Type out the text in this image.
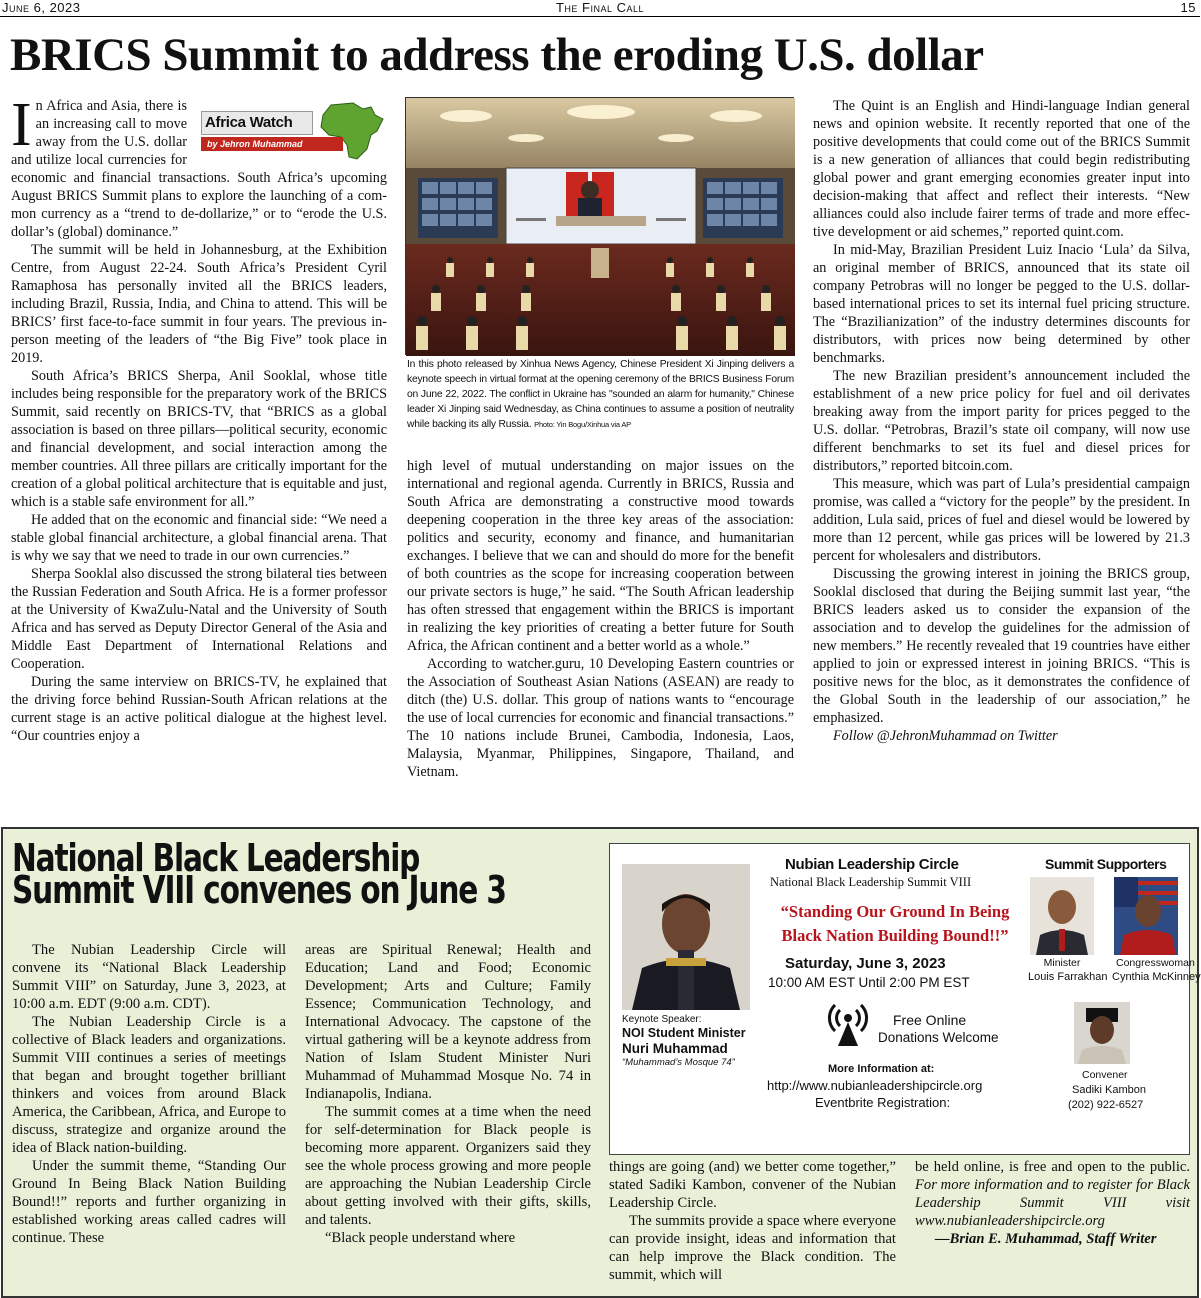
The Final Call
June 6, 2023	15
BRICS Summit to address the eroding U.S. dollar
Africa Watch
by Jehron Muhammad

In Africa and Asia, there is an increasing call to move away from the U.S. dollar and utilize local currencies for economic and financial transactions. South Africa’s upcoming August BRICS Summit plans to explore the launching of a common currency as a “trend to de-dollarize,” or to “erode the U.S. dollar’s (global) dominance.”

The summit will be held in Johannesburg, at the Exhibition Centre, from August 22-24. South Africa’s President Cyril Ramaphosa has personally invited all the BRICS leaders, including Brazil, Russia, India, and China to attend. This will be BRICS’ first face-to-face summit in four years. The previous in-person meeting of the leaders of “the Big Five” took place in 2019.

South Africa’s BRICS Sherpa, Anil Sooklal, whose title includes being responsible for the preparatory work of the BRICS Summit, said recently on BRICS-TV, that “BRICS as a global association is based on three pillars—political security, economic and financial development, and social interaction among the member countries. All three pillars are critically important for the creation of a global political architecture that is equitable and just, which is a stable safe environment for all.”

He added that on the economic and financial side: “We need a stable global financial architecture, a global financial arena. That is why we say that we need to trade in our own currencies.”

Sherpa Sooklal also discussed the strong bilateral ties between the Russian Federation and South Africa. He is a former professor at the University of KwaZulu-Natal and the University of South Africa and has served as Deputy Director General of the Asia and Middle East Department of International Relations and Cooperation.

During the same interview on BRICS-TV, he explained that the driving force behind Russian-South African relations at the current stage is an active political dialogue at the highest level. “Our countries enjoy a

In this photo released by Xinhua News Agency, Chinese President Xi Jinping delivers a keynote speech in virtual format at the opening ceremony of the BRICS Business Forum on June 22, 2022. The conflict in Ukraine has "sounded an alarm for humanity," Chinese leader Xi Jinping said Wednesday, as China continues to assume a position of neutrality while backing its ally Russia. Photo: Yin Bogu/Xinhua via AP

high level of mutual understanding on major issues on the international and regional agenda. Currently in BRICS, Russia and South Africa are demonstrating a constructive mood towards deepening cooperation in the three key areas of the association: politics and security, economy and finance, and humanitarian exchanges. I believe that we can and should do more for the benefit of both countries as the scope for increasing cooperation between our private sectors is huge,” he said. “The South African leadership has often stressed that engagement within the BRICS is important in realizing the key priorities of creating a better future for South Africa, the African continent and a better world as a whole.”

According to watcher.guru, 10 Developing Eastern countries or the Association of Southeast Asian Nations (ASEAN) are ready to ditch (the) U.S. dollar. This group of nations wants to “encourage the use of local currencies for economic and financial transactions.” The 10 nations include Brunei, Cambodia, Indonesia, Laos, Malaysia, Myanmar, Philippines, Singapore, Thailand, and Vietnam.

The Quint is an English and Hindi-language Indian general news and opinion website. It recently reported that one of the positive developments that could come out of the BRICS Summit is a new generation of alliances that could begin redistributing global power and grant emerging economies greater input into decision-making that affect and reflect their interests. “New alliances could also include fairer terms of trade and more effective development or aid schemes,” reported quint.com.

In mid-May, Brazilian President Luiz Inacio ‘Lula’ da Silva, an original member of BRICS, announced that its state oil company Petrobras will no longer be pegged to the U.S. dollar-based international prices to set its internal fuel pricing structure. The “Brazilianization” of the industry determines discounts for distributors, with prices now being determined by other benchmarks.

The new Brazilian president’s announcement included the establishment of a new price policy for fuel and oil derivates breaking away from the import parity for prices pegged to the U.S. dollar. “Petrobras, Brazil’s state oil company, will now use different benchmarks to set its fuel and diesel prices for distributors,” reported bitcoin.com.

This measure, which was part of Lula’s presidential campaign promise, was called a “victory for the people” by the president. In addition, Lula said, prices of fuel and diesel would be lowered by more than 12 percent, while gas prices will be lowered by 21.3 percent for wholesalers and distributors.

Discussing the growing interest in joining the BRICS group, Sooklal disclosed that during the Beijing summit last year, “the BRICS leaders asked us to consider the expansion of the association and to develop the guidelines for the admission of new members.” He recently revealed that 19 countries have either applied to join or expressed interest in joining BRICS. “This is positive news for the bloc, as it demonstrates the confidence of the Global South in the leadership of our association,” he emphasized.

Follow @JehronMuhammad on Twitter

National Black Leadership
Summit VIII convenes on June 3

The Nubian Leadership Circle will convene its “National Black Leadership Summit VIII” on Saturday, June 3, 2023, at 10:00 a.m. EDT (9:00 a.m. CDT).

The Nubian Leadership Circle is a collective of Black leaders and organizations. Summit VIII continues a series of meetings that began and brought together brilliant thinkers and voices from around Black America, the Caribbean, Africa, and Europe to discuss, strategize and organize around the idea of Black nation-building.

Under the summit theme, “Standing Our Ground In Being Black Nation Building Bound!!” reports and further organizing in established working areas called cadres will continue. These

areas are Spiritual Renewal; Health and Education; Land and Food; Economic Development; Arts and Culture; Family Essence; Communication Technology, and International Advocacy. The capstone of the virtual gathering will be a keynote address from Nation of Islam Student Minister Nuri Muhammad of Muhammad Mosque No. 74 in Indianapolis, Indiana.

The summit comes at a time when the need for self-determination for Black people is becoming more apparent. Organizers said they see the whole process growing and more people are approaching the Nubian Leadership Circle about getting involved with their gifts, skills, and talents.

“Black people understand where

things are going (and) we better come together,” stated Sadiki Kambon, convener of the Nubian Leadership Circle.

The summits provide a space where everyone can provide insight, ideas and information that can help improve the Black condition. The summit, which will

be held online, is free and open to the public. For more information and to register for Black Leadership Summit VIII visit www.nubianleadershipcircle.org

—Brian E. Muhammad, Staff Writer

Keynote Speaker:
NOI Student Minister
Nuri Muhammad
“Muhammad’s Mosque 74”
Nubian Leadership Circle
National Black Leadership Summit VIII
“Standing Our Ground In Being
Black Nation Building Bound!!”
Saturday, June 3, 2023
10:00 AM EST Until 2:00 PM EST
Free Online
Donations Welcome
More Information at:
http://www.nubianleadershipcircle.org
Eventbrite Registration:
Summit Supporters
Minister
Louis Farrakhan
Congresswoman
Cynthia McKinney
Convener
Sadiki Kambon
(202) 922-6527
